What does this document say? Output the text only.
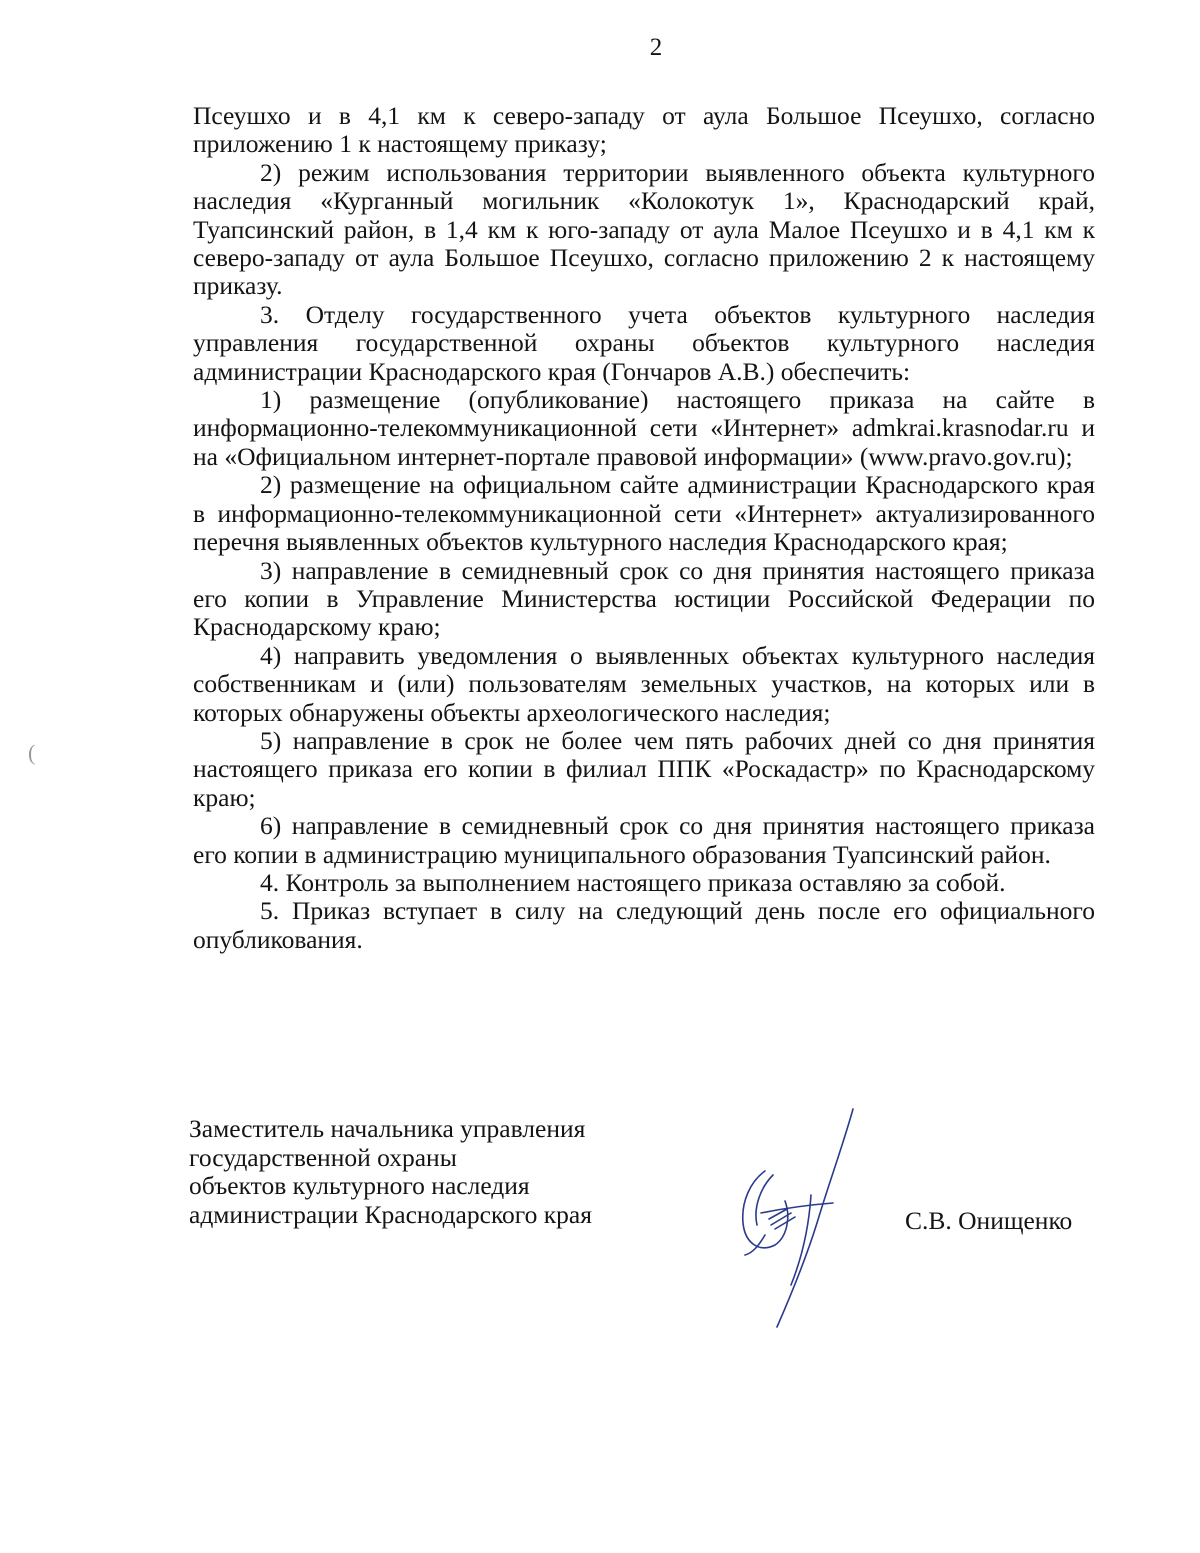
2

Псеушхо и в 4,1 км к северо-западу от аула Большое Псеушхо, согласно приложению 1 к настоящему приказу;

2) режим использования территории выявленного объекта культурного наследия «Курганный могильник «Колокотук 1», Краснодарский край, Туапсинский район, в 1,4 км к юго-западу от аула Малое Псеушхо и в 4,1 км к северо-западу от аула Большое Псеушхо, согласно приложению 2 к настоящему приказу.

3. Отделу государственного учета объектов культурного наследия управления государственной охраны объектов культурного наследия администрации Краснодарского края (Гончаров А.В.) обеспечить:

1) размещение (опубликование) настоящего приказа на сайте в информационно-телекоммуникационной сети «Интернет» admkrai.krasnodar.ru и на «Официальном интернет-портале правовой информации» (www.pravo.gov.ru);

2) размещение на официальном сайте администрации Краснодарского края в информационно-телекоммуникационной сети «Интернет» актуализированного перечня выявленных объектов культурного наследия Краснодарского края;

3) направление в семидневный срок со дня принятия настоящего приказа его копии в Управление Министерства юстиции Российской Федерации по Краснодарскому краю;

4) направить уведомления о выявленных объектах культурного наследия собственникам и (или) пользователям земельных участков, на которых или в которых обнаружены объекты археологического наследия;

5) направление в срок не более чем пять рабочих дней со дня принятия настоящего приказа его копии в филиал ППК «Роскадастр» по Краснодарскому краю;

6) направление в семидневный срок со дня принятия настоящего приказа его копии в администрацию муниципального образования Туапсинский район.

4. Контроль за выполнением настоящего приказа оставляю за собой.

5. Приказ вступает в силу на следующий день после его официального опубликования.

Заместитель начальника управления
государственной охраны
объектов культурного наследия
администрации Краснодарского края	С.В. Онищенко
(
